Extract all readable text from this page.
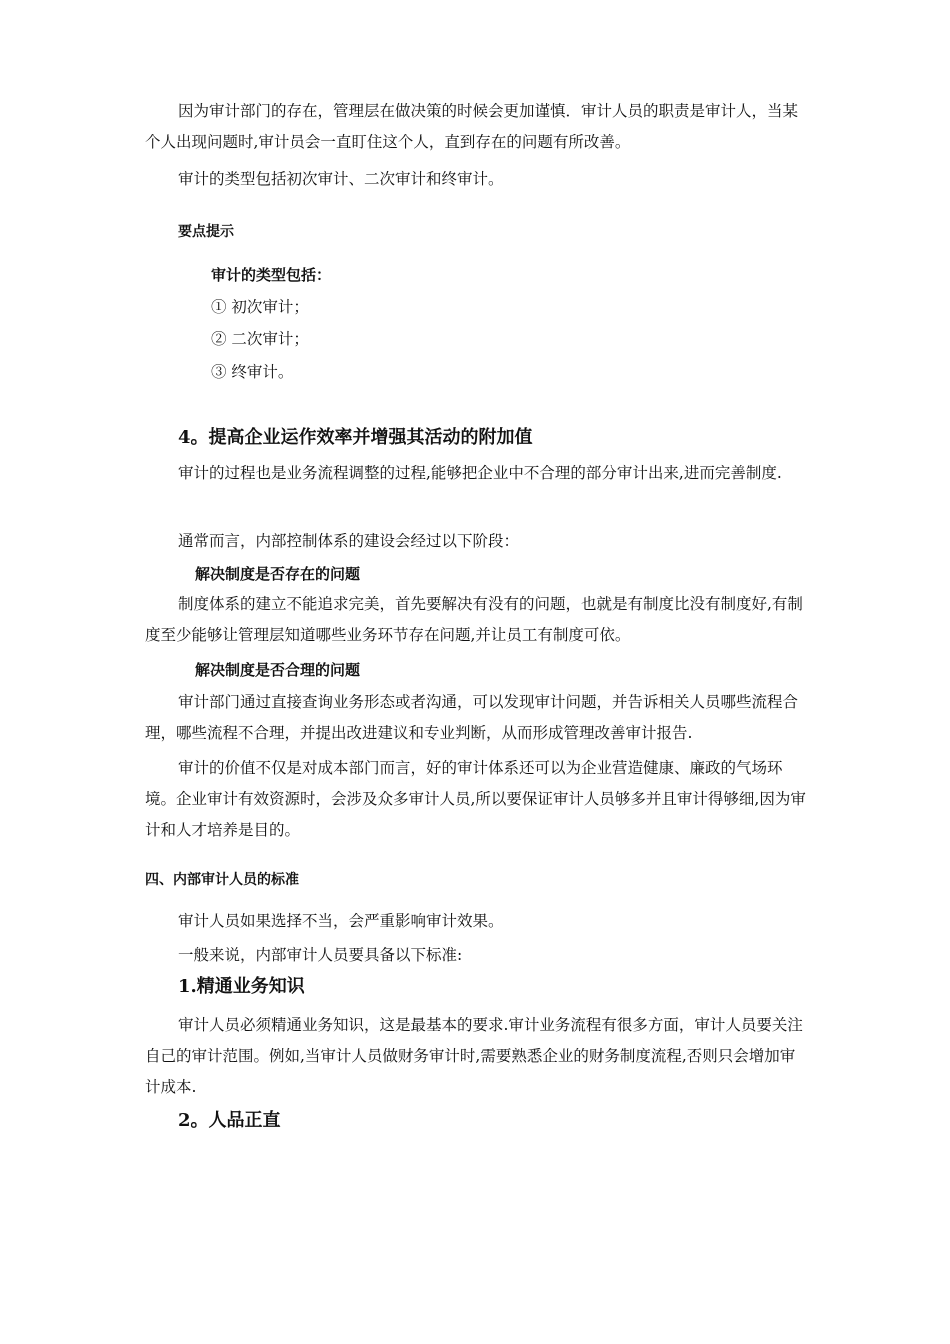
因为审计部门的存在，管理层在做决策的时候会更加谨慎．审计人员的职责是审计人，当某个人出现问题时,审计员会一直盯住这个人，直到存在的问题有所改善。

审计的类型包括初次审计、二次审计和终审计。

要点提示

审计的类型包括：

① 初次审计；

② 二次审计；

③ 终审计。

4。提高企业运作效率并增强其活动的附加值

审计的过程也是业务流程调整的过程,能够把企业中不合理的部分审计出来,进而完善制度.

通常而言，内部控制体系的建设会经过以下阶段：

解决制度是否存在的问题

制度体系的建立不能追求完美，首先要解决有没有的问题，也就是有制度比没有制度好,有制度至少能够让管理层知道哪些业务环节存在问题,并让员工有制度可依。

解决制度是否合理的问题

审计部门通过直接查询业务形态或者沟通，可以发现审计问题，并告诉相关人员哪些流程合理，哪些流程不合理，并提出改进建议和专业判断，从而形成管理改善审计报告.

审计的价值不仅是对成本部门而言，好的审计体系还可以为企业营造健康、廉政的气场环境。企业审计有效资源时，会涉及众多审计人员,所以要保证审计人员够多并且审计得够细,因为审计和人才培养是目的。

四、内部审计人员的标准

审计人员如果选择不当，会严重影响审计效果。

一般来说，内部审计人员要具备以下标准:

1.精通业务知识

审计人员必须精通业务知识，这是最基本的要求.审计业务流程有很多方面，审计人员要关注自己的审计范围。例如,当审计人员做财务审计时,需要熟悉企业的财务制度流程,否则只会增加审计成本.

2。人品正直
